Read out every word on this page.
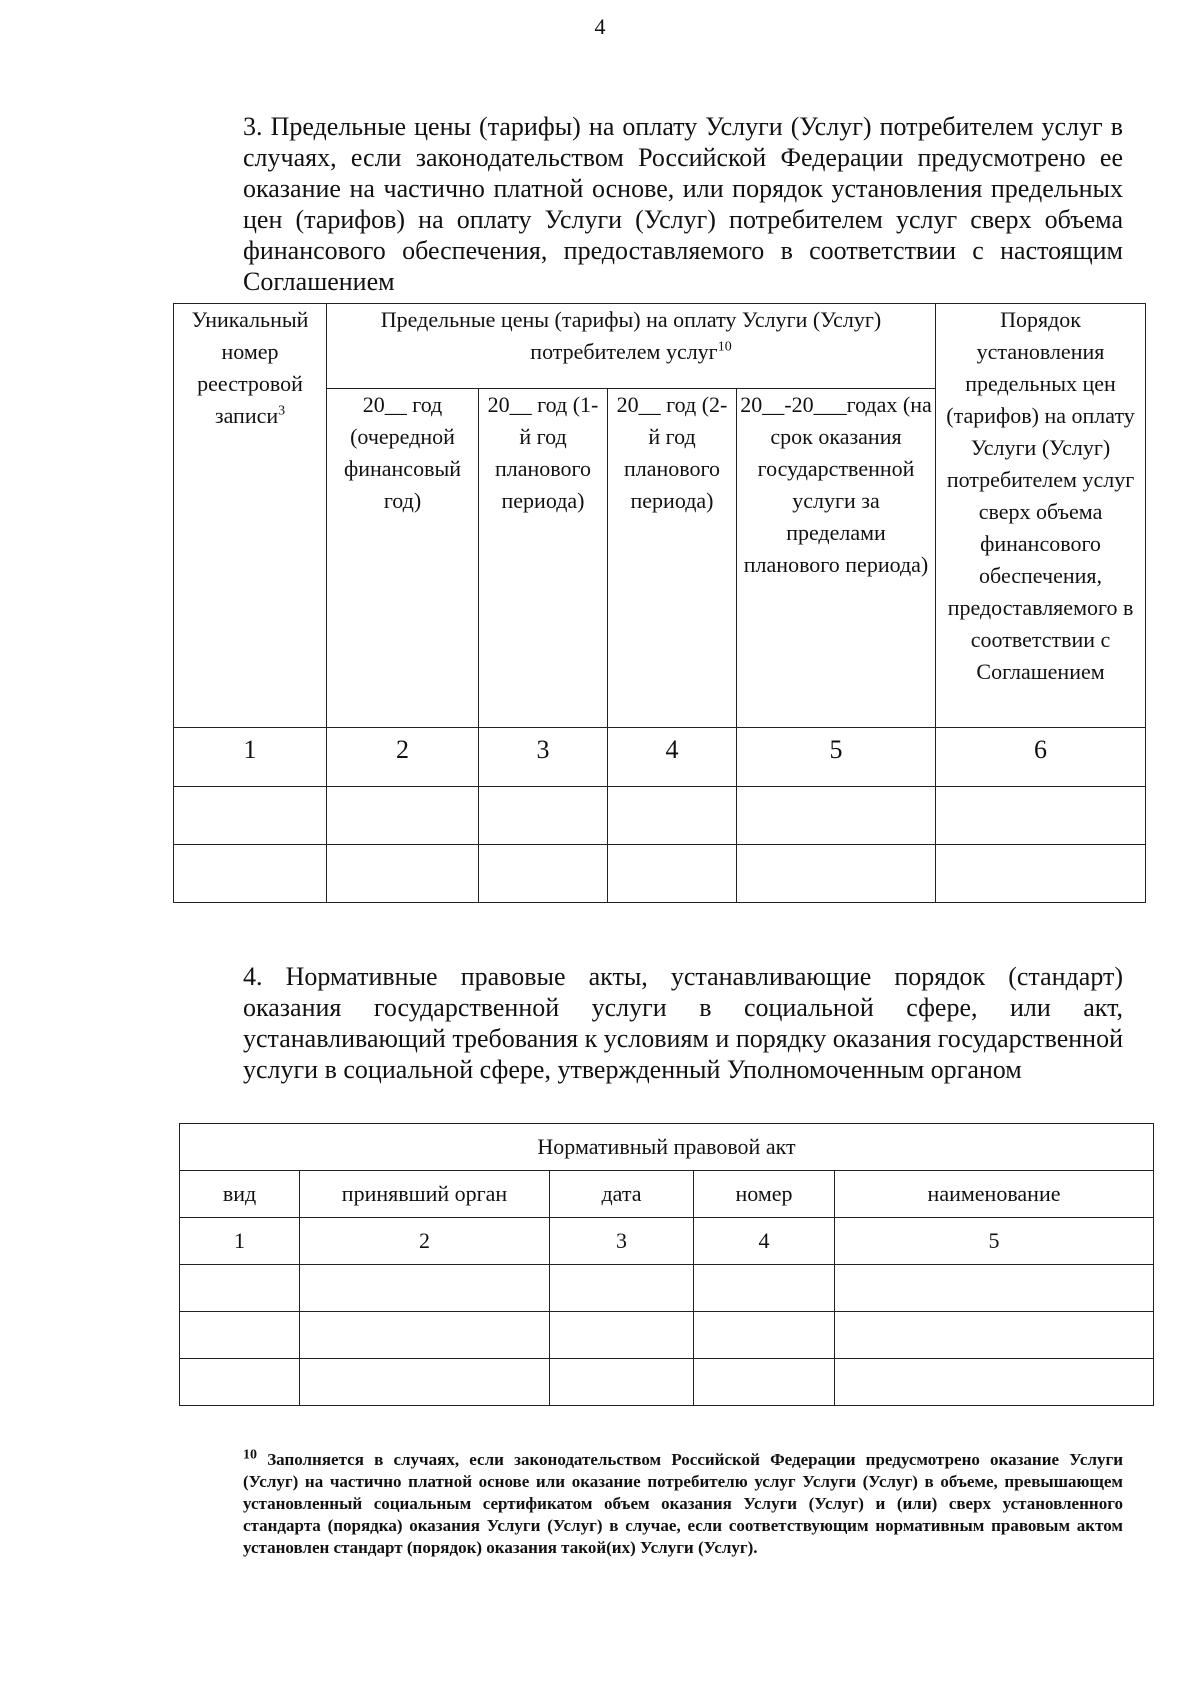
4
3. Предельные цены (тарифы) на оплату Услуги (Услуг) потребителем услуг в случаях, если законодательством Российской Федерации предусмотрено ее оказание на частично платной основе, или порядок установления предельных цен (тарифов) на оплату Услуги (Услуг) потребителем услуг сверх объема финансового обеспечения, предоставляемого в соответствии с настоящим Соглашением
Уникальный номер реестровой записи$^3$	Предельные цены (тарифы) на оплату Услуги (Услуг) потребителем услуг$^{10}$				Порядок установления предельных цен (тарифов) на оплату Услуги (Услуг) потребителем услуг сверх объема финансового обеспечения, предоставляемого в соответствии с Соглашением
	20__ год (очередной финансовый год)	20__ год (1-й год планового периода)	20__ год (2-й год планового периода)	20__-20___годах (на срок оказания государственной услуги за пределами планового периода)	
1	2	3	4	5	6

4. Нормативные правовые акты, устанавливающие порядок (стандарт) оказания государственной услуги в социальной сфере, или акт, устанавливающий требования к условиям и порядку оказания государственной услуги в социальной сфере, утвержденный Уполномоченным органом
Нормативный правовой акт				
вид	принявший орган	дата	номер	наименование
1	2	3	4	5

$^{10}$ Заполняется в случаях, если законодательством Российской Федерации предусмотрено оказание Услуги (Услуг) на частично платной основе или оказание потребителю услуг Услуги (Услуг) в объеме, превышающем установленный социальным сертификатом объем оказания Услуги (Услуг) и (или) сверх установленного стандарта (порядка) оказания Услуги (Услуг) в случае, если соответствующим нормативным правовым актом установлен стандарт (порядок) оказания такой(их) Услуги (Услуг).
